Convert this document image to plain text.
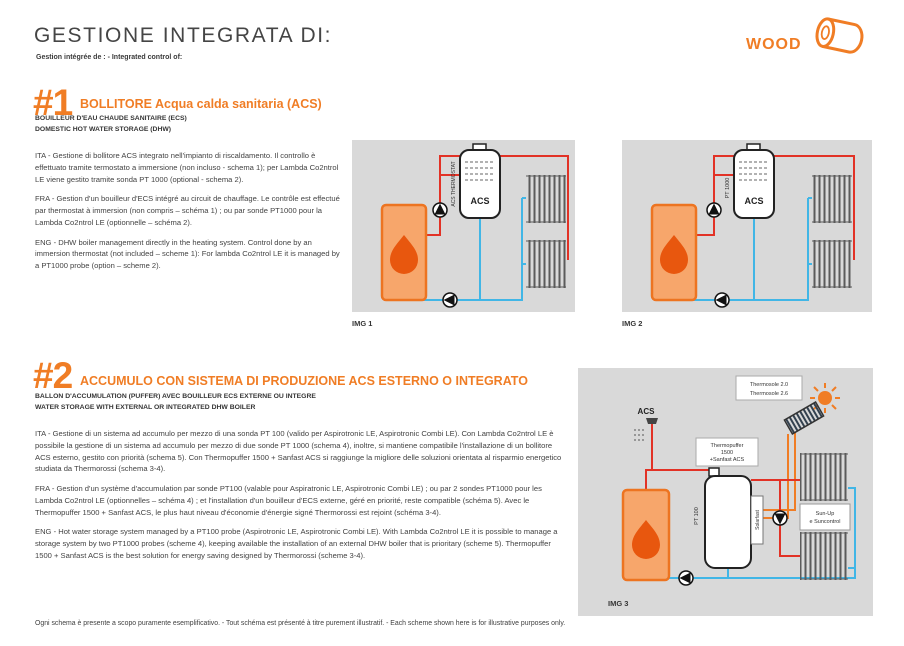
GESTIONE INTEGRATA DI:
Gestion intégrée de : - Integrated control of:
WOOD
#1 BOLLITORE Acqua calda sanitaria (ACS)
BOUILLEUR D'EAU CHAUDE SANITAIRE (ECS)
DOMESTIC HOT WATER STORAGE (DHW)

ITA - Gestione di bollitore ACS integrato nell'impianto di riscaldamento. Il controllo è effettuato tramite termostato a immersione (non incluso - schema 1); per Lambda Co2ntrol LE viene gestito tramite sonda PT 1000 (optional - schema 2).

FRA - Gestion d'un bouilleur d'ECS intégré au circuit de chauffage. Le contrôle est effectué par thermostat à immersion (non compris – schéma 1) ; ou par sonde PT1000 pour la Lambda Co2ntrol LE (optionnelle – schéma 2).

ENG - DHW boiler management directly in the heating system. Control done by an immersion thermostat (not included – scheme 1): For lambda Co2ntrol LE it is managed by a PT1000 probe (option – scheme 2).

ACS
ACS THERMOSTAT	ACS
PT 1000
IMG 1	IMG 2
#2 ACCUMULO CON SISTEMA DI PRODUZIONE ACS ESTERNO O INTEGRATO
BALLON D'ACCUMULATION (PUFFER) AVEC BOUILLEUR ECS EXTERNE OU INTEGRE
WATER STORAGE WITH EXTERNAL OR INTEGRATED DHW BOILER

ITA - Gestione di un sistema ad accumulo per mezzo di una sonda PT 100 (valido per Aspirotronic LE, Aspirotronic Combi LE). Con Lambda Co2ntrol LE è possibile la gestione di un sistema ad accumulo per mezzo di due sonde PT 1000 (schema 4), inoltre, si mantiene compatibile l'installazione di un bollitore ACS esterno, gestito con priorità (schema 5). Con Thermopuffer 1500 + Sanfast ACS si raggiunge la migliore delle soluzioni orientata al risparmio energetico studiata da Thermorossi (schema 3-4).

FRA - Gestion d'un système d'accumulation par sonde PT100 (valable pour Aspiratronic LE, Aspirotronic Combi LE) ; ou par 2 sondes PT1000 pour les Lambda Co2ntrol LE (optionnelles – schéma 4) ; et l'installation d'un bouilleur d'ECS externe, géré en priorité, reste compatible (schéma 5). Avec le Thermopuffer 1500 + Sanfast ACS, le plus haut niveau d'économie d'énergie signé Thermorossi est rejoint (schéma 3-4).

ENG - Hot water storage system managed by a PT100 probe (Aspirotronic LE, Aspirotronic Combi LE). With Lambda Co2ntrol LE it is possible to manage a storage system by two PT1000 probes (scheme 4), keeping available the installation of an external DHW boiler that is prioritary (scheme 5). Thermopuffer 1500 + Sanfast ACS is the best solution for energy saving designed by Thermorossi (scheme 3-4).

Thermosole 2.0
Thermosole 2.6
ACS
Thermopuffer
1500
+Sanfast ACS
Solarfast
PT 100	Sun-Up
e Suncontrol
IMG 3
Ogni schema è presente a scopo puramente esemplificativo. - Tout schéma est présenté à titre purement illustratif. - Each scheme shown here is for illustrative purposes only.
